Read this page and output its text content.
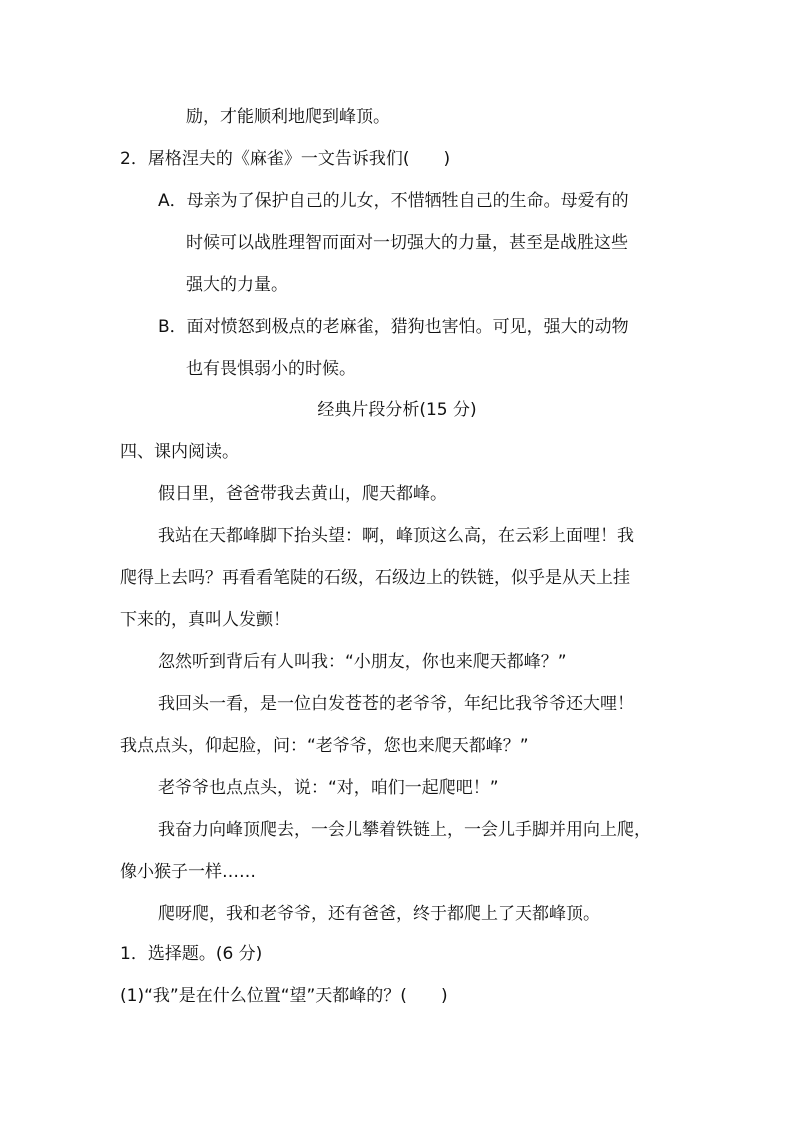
励，才能顺利地爬到峰顶。
2．屠格涅夫的《麻雀》一文告诉我们(　　)
A．母亲为了保护自己的儿女，不惜牺牲自己的生命。母爱有的
时候可以战胜理智而面对一切强大的力量，甚至是战胜这些
强大的力量。
B．面对愤怒到极点的老麻雀，猎狗也害怕。可见，强大的动物
也有畏惧弱小的时候。
经典片段分析(15 分)
四、课内阅读。
假日里，爸爸带我去黄山，爬天都峰。
我站在天都峰脚下抬头望：啊，峰顶这么高，在云彩上面哩！我
爬得上去吗？再看看笔陡的石级，石级边上的铁链，似乎是从天上挂
下来的，真叫人发颤！
忽然听到背后有人叫我：“小朋友，你也来爬天都峰？”
我回头一看，是一位白发苍苍的老爷爷，年纪比我爷爷还大哩！
我点点头，仰起脸，问：“老爷爷，您也来爬天都峰？”
老爷爷也点点头，说：“对，咱们一起爬吧！”
我奋力向峰顶爬去，一会儿攀着铁链上，一会儿手脚并用向上爬，
像小猴子一样……
爬呀爬，我和老爷爷，还有爸爸，终于都爬上了天都峰顶。
1．选择题。(6 分)
(1)“我”是在什么位置“望”天都峰的？(　　)
